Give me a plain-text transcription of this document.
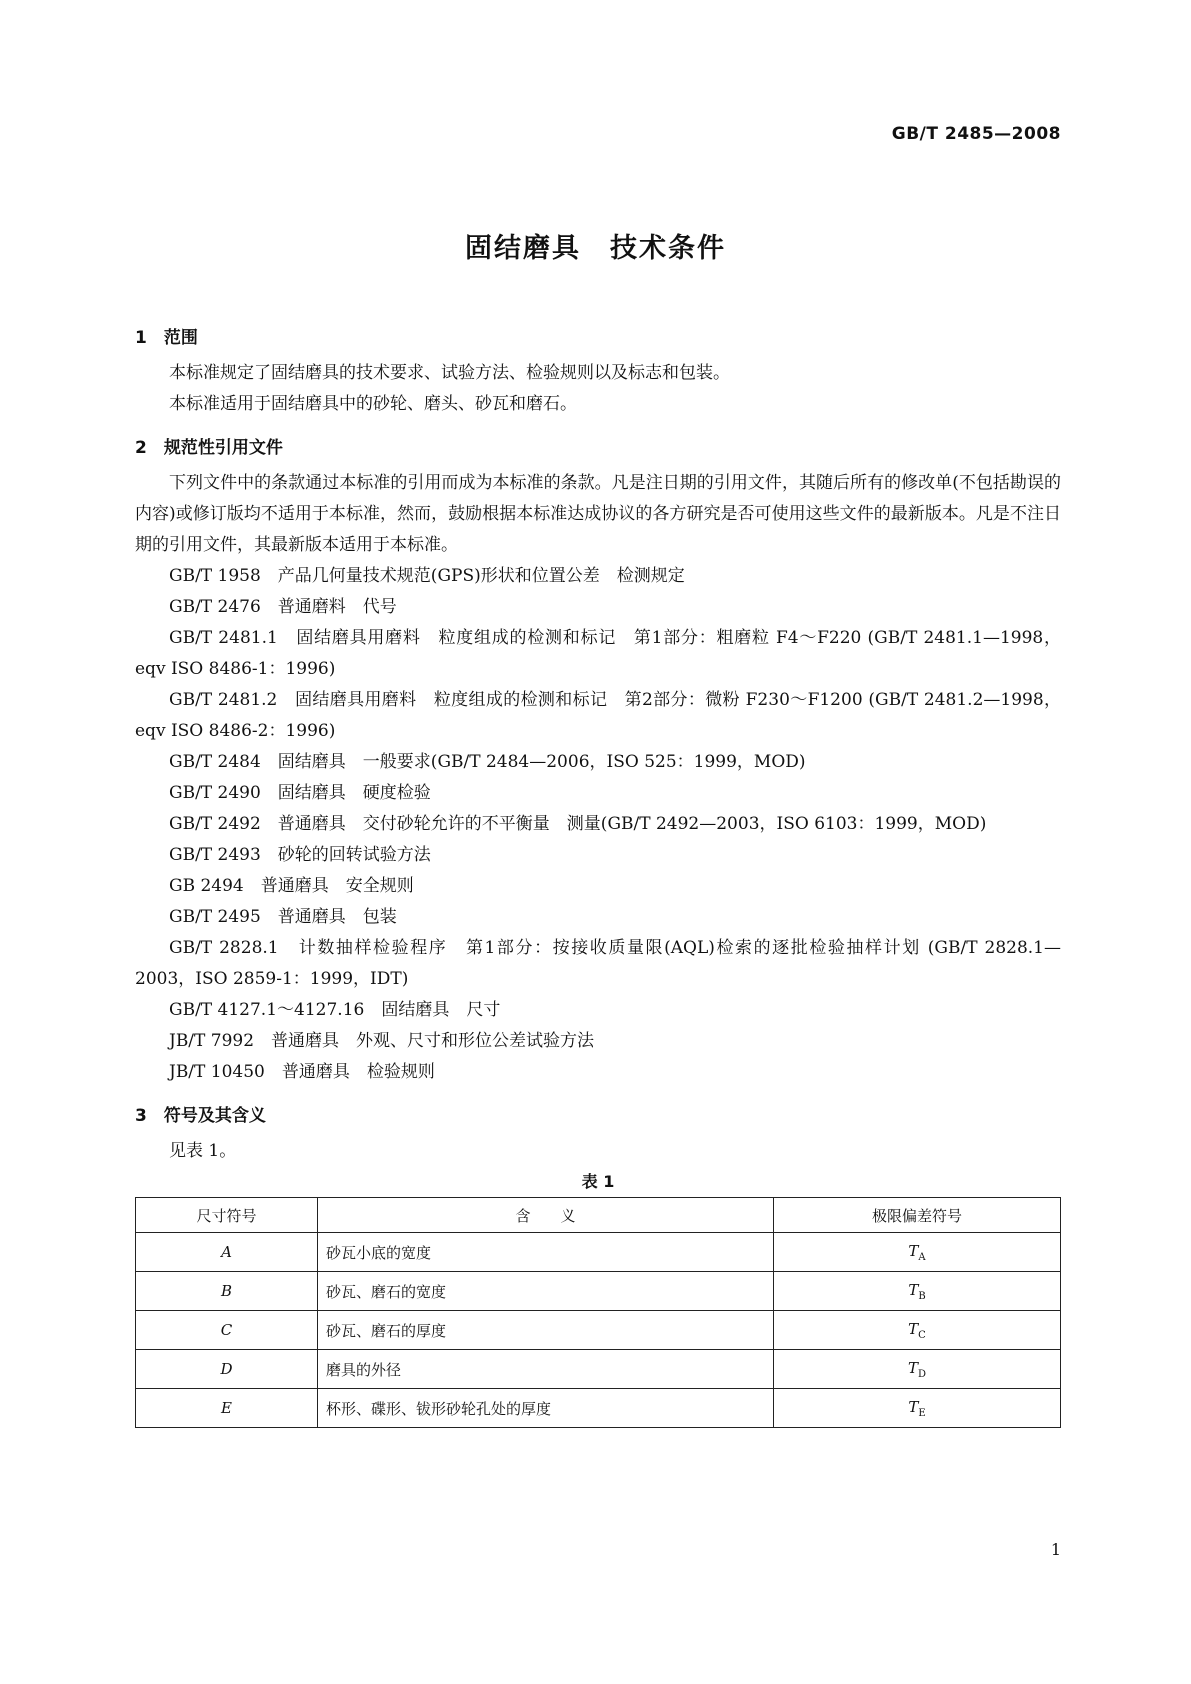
GB/T 2485—2008
固结磨具　技术条件
1　范围
本标准规定了固结磨具的技术要求、试验方法、检验规则以及标志和包装。
本标准适用于固结磨具中的砂轮、磨头、砂瓦和磨石。
2　规范性引用文件
下列文件中的条款通过本标准的引用而成为本标准的条款。凡是注日期的引用文件，其随后所有的修改单(不包括勘误的内容)或修订版均不适用于本标准，然而，鼓励根据本标准达成协议的各方研究是否可使用这些文件的最新版本。凡是不注日期的引用文件，其最新版本适用于本标准。
GB/T 1958　产品几何量技术规范(GPS)形状和位置公差　检测规定
GB/T 2476　普通磨料　代号
GB/T 2481.1　固结磨具用磨料　粒度组成的检测和标记　第1部分：粗磨粒 F4～F220 (GB/T 2481.1—1998，eqv ISO 8486-1：1996)
GB/T 2481.2　固结磨具用磨料　粒度组成的检测和标记　第2部分：微粉 F230～F1200 (GB/T 2481.2—1998，eqv ISO 8486-2：1996)
GB/T 2484　固结磨具　一般要求(GB/T 2484—2006，ISO 525：1999，MOD)
GB/T 2490　固结磨具　硬度检验
GB/T 2492　普通磨具　交付砂轮允许的不平衡量　测量(GB/T 2492—2003，ISO 6103：1999，MOD)
GB/T 2493　砂轮的回转试验方法
GB 2494　普通磨具　安全规则
GB/T 2495　普通磨具　包装
GB/T 2828.1　计数抽样检验程序　第1部分：按接收质量限(AQL)检索的逐批检验抽样计划 (GB/T 2828.1—2003，ISO 2859-1：1999，IDT)
GB/T 4127.1～4127.16　固结磨具　尺寸
JB/T 7992　普通磨具　外观、尺寸和形位公差试验方法
JB/T 10450　普通磨具　检验规则
3　符号及其含义
见表 1。
表 1
尺寸符号	含　　义	极限偏差符号
A	砂瓦小底的宽度	$T_A$
B	砂瓦、磨石的宽度	$T_B$
C	砂瓦、磨石的厚度	$T_C$
D	磨具的外径	$T_D$
E	杯形、碟形、钹形砂轮孔处的厚度	$T_E$
1
